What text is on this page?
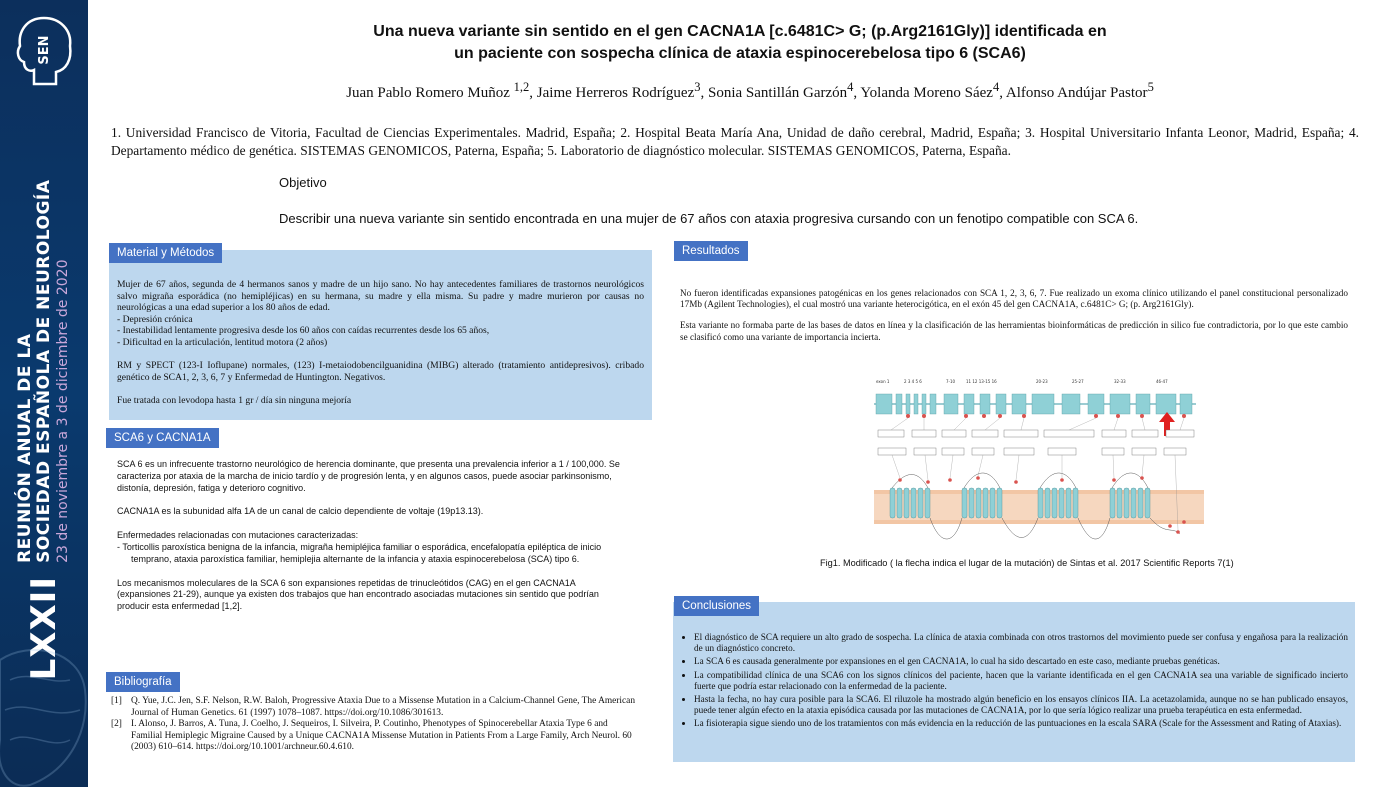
SEN
LXXII
REUNIÓN ANUAL DE LA SOCIEDAD ESPAÑOLA DE NEUROLOGÍA 23 de noviembre a 3 de diciembre de 2020
Una nueva variante sin sentido en el gen CACNA1A [c.6481C> G; (p.Arg2161Gly)] identificada en
un paciente con sospecha clínica de ataxia espinocerebelosa tipo 6 (SCA6)
Juan Pablo Romero Muñoz $^{1,2}$, Jaime Herreros Rodríguez$^3$, Sonia Santillán Garzón$^4$, Yolanda Moreno Sáez$^4$, Alfonso Andújar Pastor$^5$
1. Universidad Francisco de Vitoria, Facultad de Ciencias Experimentales. Madrid, España; 2. Hospital Beata María Ana, Unidad de daño cerebral, Madrid, España; 3. Hospital Universitario Infanta Leonor, Madrid, España; 4. Departamento médico de genética. SISTEMAS GENOMICOS, Paterna, España; 5. Laboratorio de diagnóstico molecular. SISTEMAS GENOMICOS, Paterna, España.
Objetivo
Describir una nueva variante sin sentido encontrada en una mujer de 67 años con ataxia progresiva cursando con un fenotipo compatible con SCA 6.
Material y Métodos
Mujer de 67 años, segunda de 4 hermanos sanos y madre de un hijo sano. No hay antecedentes familiares de trastornos neurológicos salvo migraña esporádica (no hemipléjicas) en su hermana, su madre y ella misma. Su padre y madre murieron por causas no neurológicas a una edad superior a los 80 años de edad.
- Depresión crónica
- Inestabilidad lentamente progresiva desde los 60 años con caídas recurrentes desde los 65 años,
- Dificultad en la articulación, lentitud motora (2 años)
RM y SPECT (123-I Ioflupane) normales, (123) I-metaiodobencilguanidina (MIBG) alterado (tratamiento antidepresivos). cribado genético de SCA1, 2, 3, 6, 7 y Enfermedad de Huntington. Negativos.
Fue tratada con levodopa hasta 1 gr / día sin ninguna mejoría
SCA6 y CACNA1A
SCA 6 es un infrecuente trastorno neurológico de herencia dominante, que presenta una prevalencia inferior a 1 / 100,000. Se caracteriza por ataxia de la marcha de inicio tardío y de progresión lenta, y en algunos casos, puede asociar parkinsonismo, distonía, depresión, fatiga y deterioro cognitivo.
CACNA1A es la subunidad alfa 1A de un canal de calcio dependiente de voltaje (19p13.13).
Enfermedades relacionadas con mutaciones caracterizadas:
- Torticollis paroxística benigna de la infancia, migraña hemipléjica familiar o esporádica, encefalopatía epiléptica de inicio temprano, ataxia paroxística familiar, hemiplejia alternante de la infancia y ataxia espinocerebelosa (SCA) tipo 6.
Los mecanismos moleculares de la SCA 6 son expansiones repetidas de trinucleótidos (CAG) en el gen CACNA1A (expansiones 21-29), aunque ya existen dos trabajos que han encontrado asociadas mutaciones sin sentido que podrían producir esta enfermedad [1,2].
Bibliografía
[1] Q. Yue, J.C. Jen, S.F. Nelson, R.W. Baloh, Progressive Ataxia Due to a Missense Mutation in a Calcium-Channel Gene, The American Journal of Human Genetics. 61 (1997) 1078–1087. https://doi.org/10.1086/301613.
[2] I. Alonso, J. Barros, A. Tuna, J. Coelho, J. Sequeiros, I. Silveira, P. Coutinho, Phenotypes of Spinocerebellar Ataxia Type 6 and Familial Hemiplegic Migraine Caused by a Unique CACNA1A Missense Mutation in Patients From a Large Family, Arch Neurol. 60 (2003) 610–614. https://doi.org/10.1001/archneur.60.4.610.
Resultados
No fueron identificadas expansiones patogénicas en los genes relacionados con SCA 1, 2, 3, 6, 7. Fue realizado un exoma clínico utilizando el panel constitucional personalizado 17Mb (Agilent Technologies), el cual mostró una variante heterocigótica, en el exón 45 del gen CACNA1A, c.6481C> G; (p. Arg2161Gly).
Esta variante no formaba parte de las bases de datos en línea y la clasificación de las herramientas bioinformáticas de predicción in silico fue contradictoria, por lo que este cambio se clasificó como una variante de importancia incierta.
exon 1	2 3 4 5 6	7-10	11 12 13-15 16	20-23	25-27	32-33	46-47
Fig1. Modificado ( la flecha indica el lugar de la mutación) de Sintas et al. 2017 Scientific Reports 7(1)
Conclusiones
• El diagnóstico de SCA requiere un alto grado de sospecha. La clínica de ataxia combinada con otros trastornos del movimiento puede ser confusa y engañosa para la realización de un diagnóstico concreto.
• La SCA 6 es causada generalmente por expansiones en el gen CACNA1A, lo cual ha sido descartado en este caso, mediante pruebas genéticas.
• La compatibilidad clínica de una SCA6 con los signos clínicos del paciente, hacen que la variante identificada en el gen CACNA1A sea una variable de significado incierto fuerte que podría estar relacionado con la enfermedad de la paciente.
• Hasta la fecha, no hay cura posible para la SCA6. El riluzole ha mostrado algún beneficio en los ensayos clínicos IIA. La acetazolamida, aunque no se han publicado ensayos, puede tener algún efecto en la ataxia episódica causada por las mutaciones de CACNA1A, por lo que sería lógico realizar una prueba terapéutica en esta enfermedad.
• La fisioterapia sigue siendo uno de los tratamientos con más evidencia en la reducción de las puntuaciones en la escala SARA (Scale for the Assessment and Rating of Ataxias).
